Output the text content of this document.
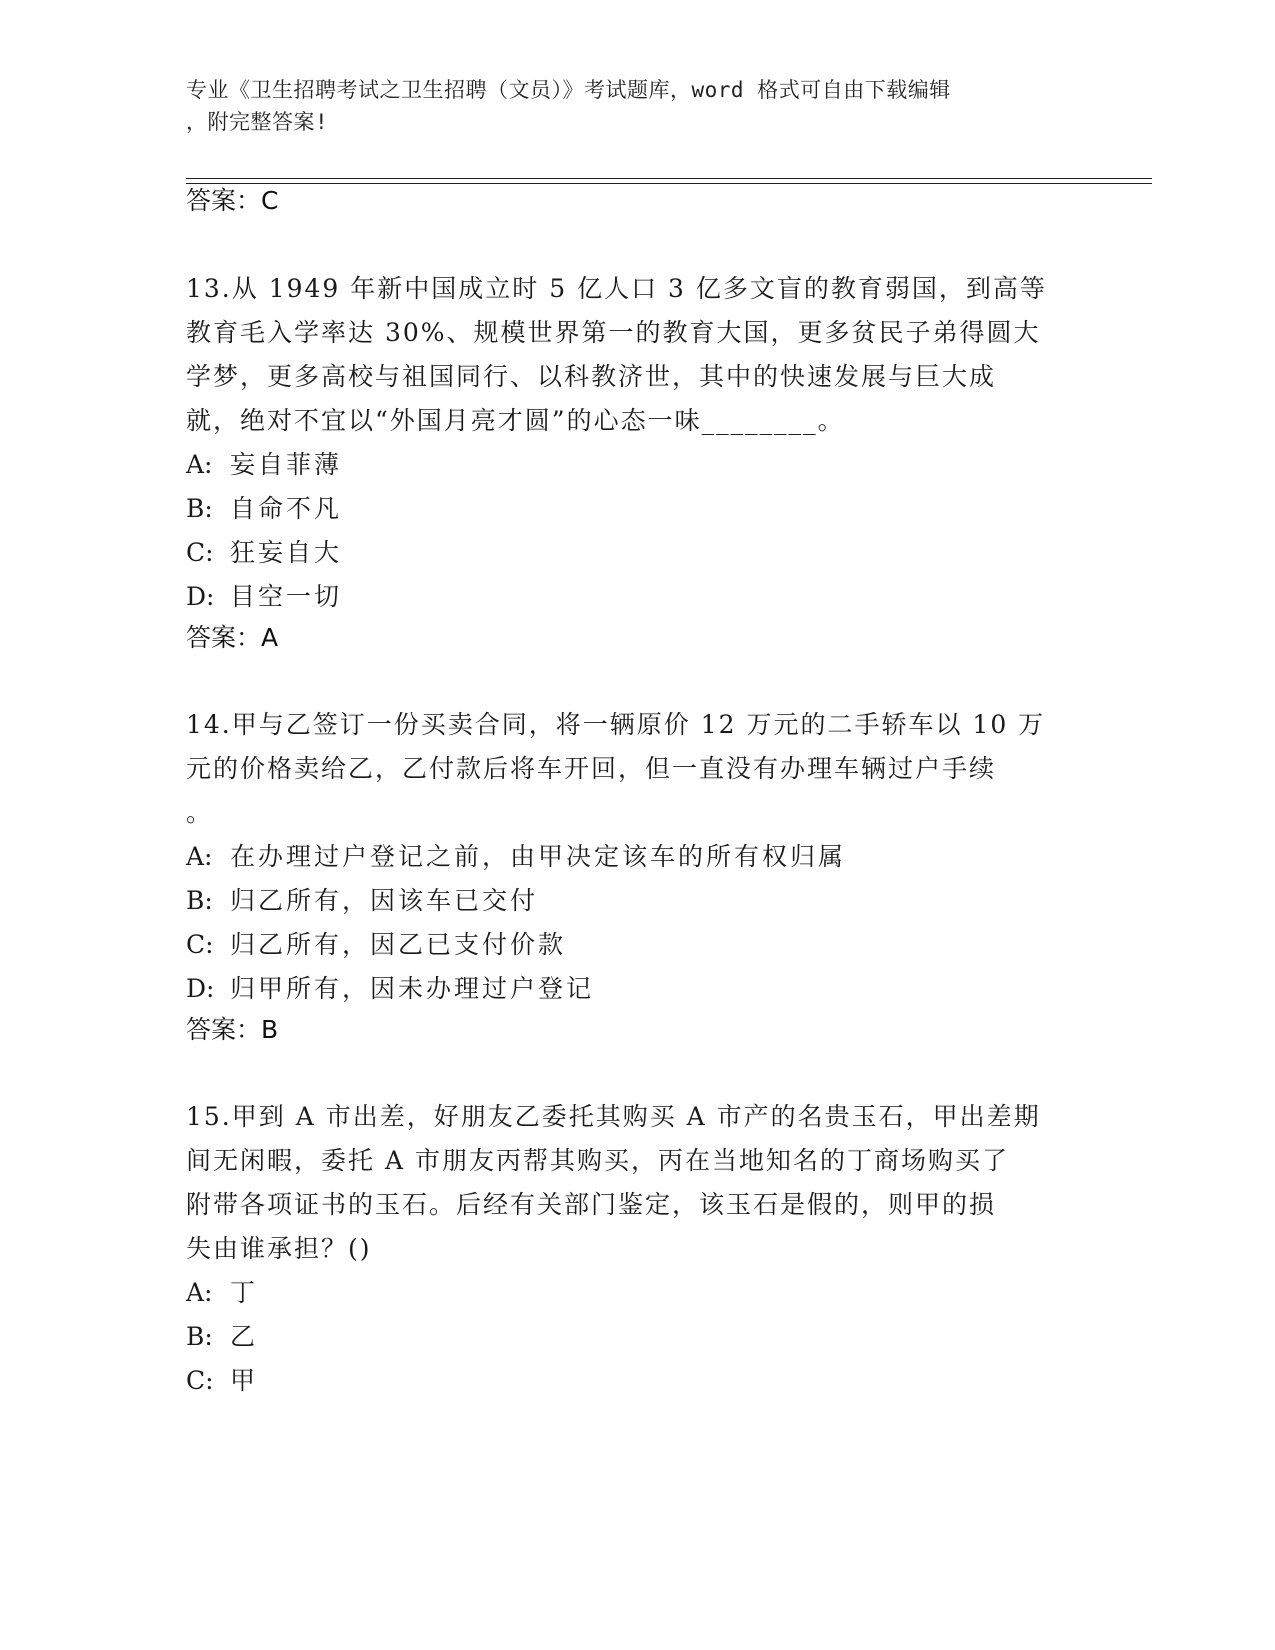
专业《卫生招聘考试之卫生招聘（文员）》考试题库，word 格式可自由下载编辑
，附完整答案!
答案：C
13.从 1949 年新中国成立时 5 亿人口 3 亿多文盲的教育弱国，到高等
教育毛入学率达 30%、规模世界第一的教育大国，更多贫民子弟得圆大
学梦，更多高校与祖国同行、以科教济世，其中的快速发展与巨大成
就，绝对不宜以“外国月亮才圆”的心态一味________。
A: 妄自菲薄
B: 自命不凡
C: 狂妄自大
D: 目空一切
答案：A
14.甲与乙签订一份买卖合同，将一辆原价 12 万元的二手轿车以 10 万
元的价格卖给乙，乙付款后将车开回，但一直没有办理车辆过户手续
。
A: 在办理过户登记之前，由甲决定该车的所有权归属
B: 归乙所有，因该车已交付
C: 归乙所有，因乙已支付价款
D: 归甲所有，因未办理过户登记
答案：B
15.甲到 A 市出差，好朋友乙委托其购买 A 市产的名贵玉石，甲出差期
间无闲暇，委托 A 市朋友丙帮其购买，丙在当地知名的丁商场购买了
附带各项证书的玉石。后经有关部门鉴定，该玉石是假的，则甲的损
失由谁承担？()
A: 丁
B: 乙
C: 甲
